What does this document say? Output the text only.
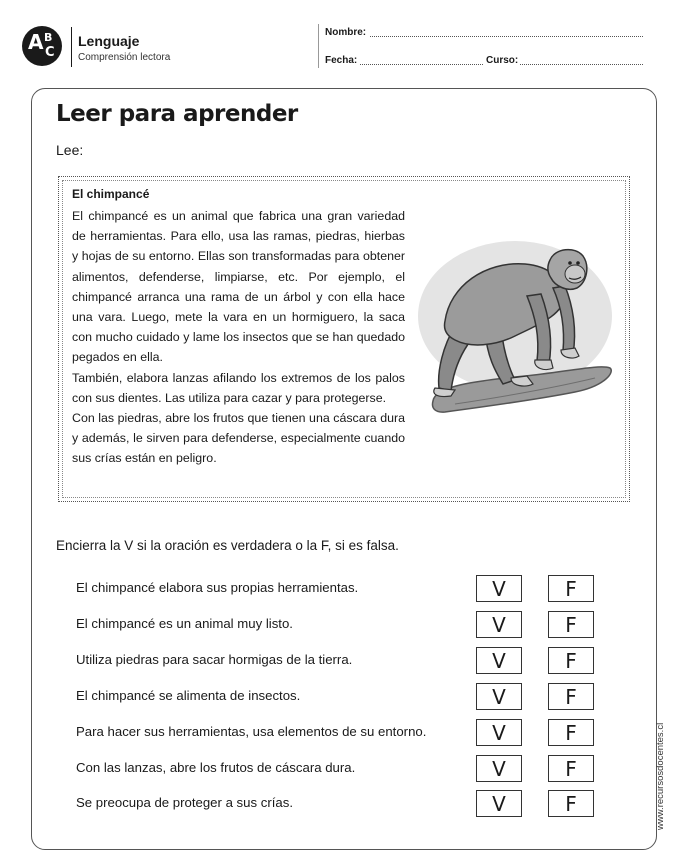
A B
C
Lenguaje
Comprensión lectora
Nombre:
Fecha:	Curso:
Leer para aprender
Lee:
El chimpancé

El chimpancé es un animal que fabrica una gran variedad de herramientas. Para ello, usa las ramas, piedras, hierbas y hojas de su entorno. Ellas son transformadas para obtener alimentos, defenderse, limpiarse, etc. Por ejemplo, el chimpancé arranca una rama de un árbol y con ella hace una vara. Luego, mete la vara en un hormiguero, la saca con mucho cuidado y lame los insectos que se han quedado pegados en ella.

También, elabora lanzas afilando los extremos de los palos con sus dientes. Las utiliza para cazar y para protegerse.

Con las piedras, abre los frutos que tienen una cáscara dura y además, le sirven para defenderse, especialmente cuando sus crías están en peligro.

Encierra la V si la oración es verdadera o la F, si es falsa.
El chimpancé elabora sus propias herramientas.	V	F
El chimpancé es un animal muy listo.	V	F
Utiliza piedras para sacar hormigas de la tierra.	V	F
El chimpancé se alimenta de insectos.	V	F
Para hacer sus herramientas, usa elementos de su entorno.	V	F
Con las lanzas, abre los frutos de cáscara dura.	V	F
Se preocupa de proteger a sus crías.	V	F	www.recursosdocentes.cl
